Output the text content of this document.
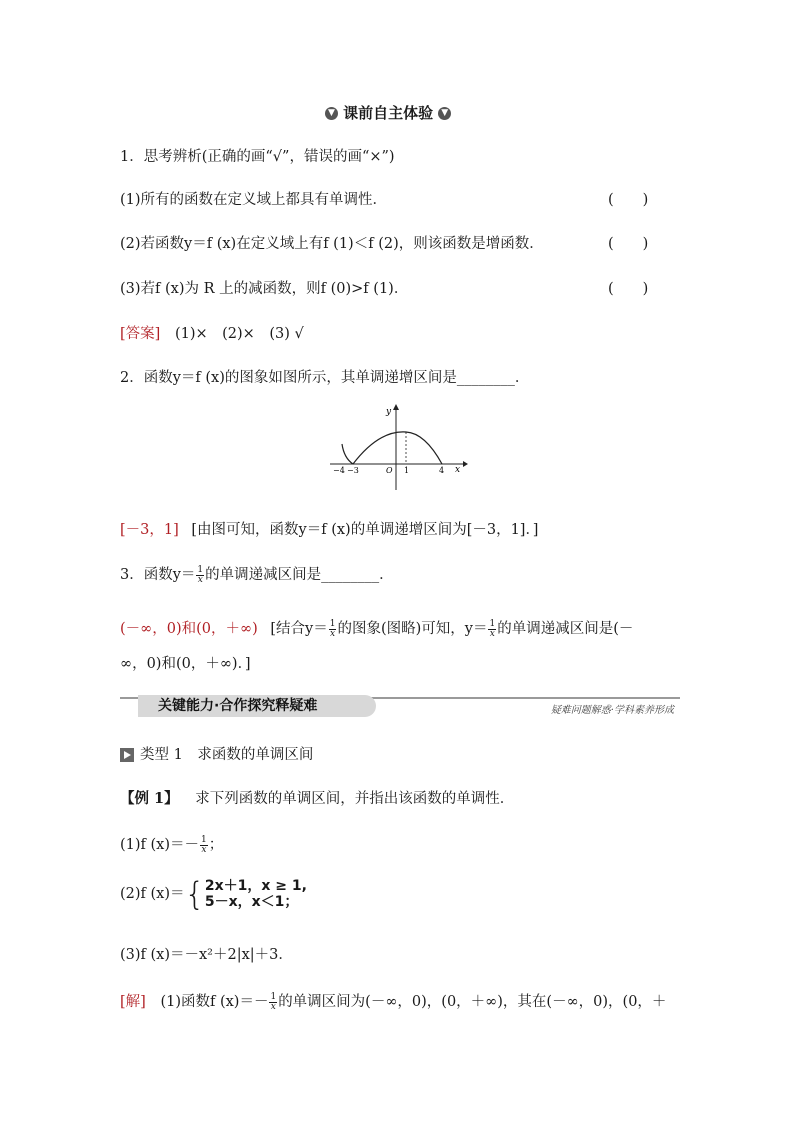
▼ 课前自主体验 ▼
1．思考辨析(正确的画“√”，错误的画“×”)
(1)所有的函数在定义域上都具有单调性．	(　　)
(2)若函数y＝f (x)在定义域上有f (1)＜f (2)，则该函数是增函数．	(　　)
(3)若f (x)为 R 上的减函数，则f (0)>f (1)．	(　　)
[答案] (1)×　(2)×　(3) √
2．函数y＝f (x)的图象如图所示，其单调递增区间是________．
y
x
−4 −3	O 1	4
[－3，1] [由图可知，函数y＝f (x)的单调递增区间为[－3，1]．]
3．函数$y= \frac{1}{x}$ 的单调递减区间是________．
(－∞，0)和(0，＋∞) [结合$y= \frac{1}{x}$ 的图象(图略)可知，$y= \frac{1}{x}$ 的单调递减区间是(－
∞，0)和(0，＋∞)．]
关键能力·合作探究释疑难	疑难问题解惑·学科素养形成
类型 1　求函数的单调区间
【例 1】 求下列函数的单调区间，并指出该函数的单调性．
(1)f $(x)=- \frac{1}{x}$ ；
(2)f (x)＝{ 2x＋1，x ≥ 1,
5－x，x＜1；
(3)f (x)＝－x²＋2|x|＋3．
[解] (1)函数f $(x)=- \frac{1}{x}$ 的单调区间为(－∞，0)，(0，＋∞)，其在(－∞，0)，(0，＋
